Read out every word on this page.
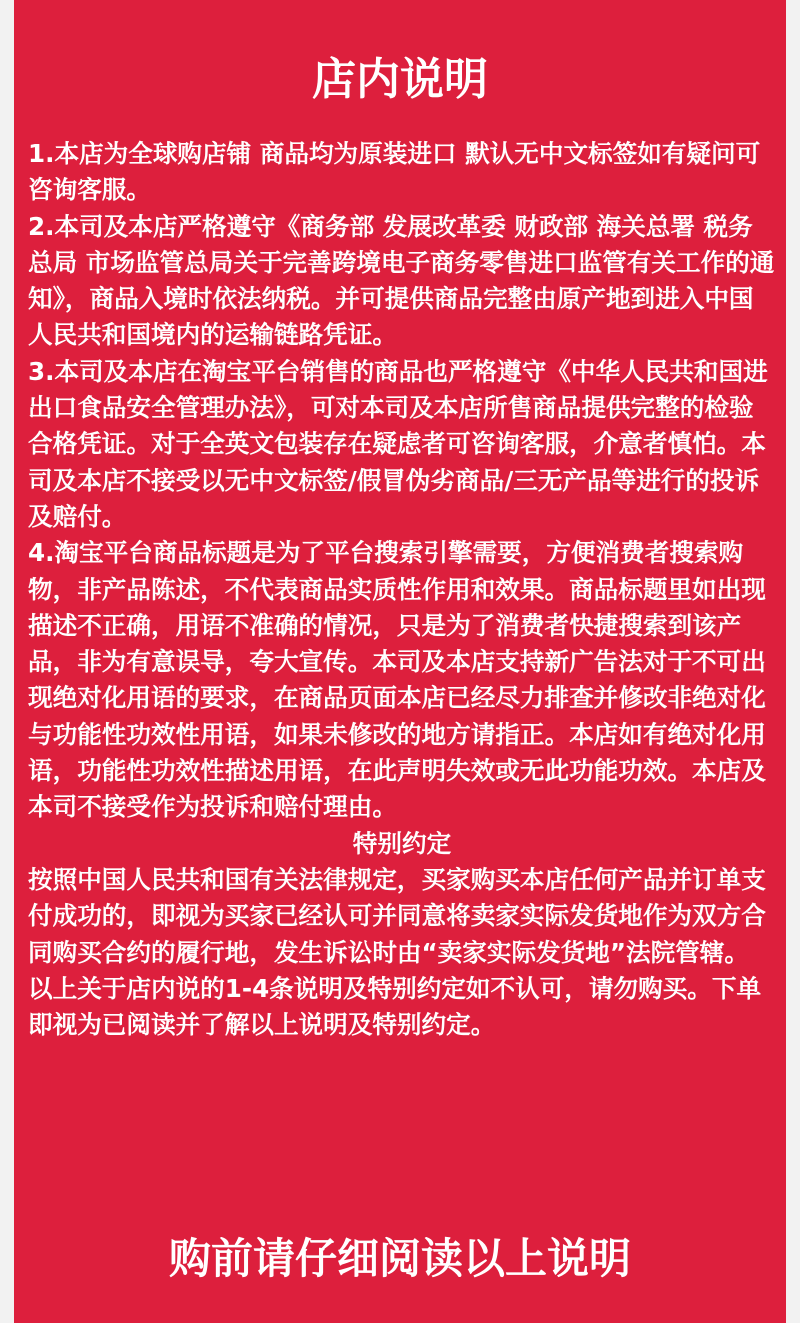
店内说明

1.本店为全球购店铺 商品均为原装进口 默认无中文标签如有疑问可咨询客服。

2.本司及本店严格遵守《商务部 发展改革委 财政部 海关总署 税务总局 市场监管总局关于完善跨境电子商务零售进口监管有关工作的通知》，商品入境时依法纳税。并可提供商品完整由原产地到进入中国人民共和国境内的运输链路凭证。

3.本司及本店在淘宝平台销售的商品也严格遵守《中华人民共和国进出口食品安全管理办法》，可对本司及本店所售商品提供完整的检验合格凭证。对于全英文包装存在疑虑者可咨询客服，介意者慎怕。本司及本店不接受以无中文标签/假冒伪劣商品/三无产品等进行的投诉及赔付。

4.淘宝平台商品标题是为了平台搜索引擎需要，方便消费者搜索购物，非产品陈述，不代表商品实质性作用和效果。商品标题里如出现描述不正确，用语不准确的情况，只是为了消费者快捷搜索到该产品，非为有意误导，夸大宣传。本司及本店支持新广告法对于不可出现绝对化用语的要求，在商品页面本店已经尽力排查并修改非绝对化与功能性功效性用语，如果未修改的地方请指正。本店如有绝对化用语，功能性功效性描述用语，在此声明失效或无此功能功效。本店及本司不接受作为投诉和赔付理由。

特别约定

按照中国人民共和国有关法律规定，买家购买本店任何产品并订单支付成功的，即视为买家已经认可并同意将卖家实际发货地作为双方合同购买合约的履行地，发生诉讼时由“卖家实际发货地”法院管辖。

以上关于店内说的1-4条说明及特别约定如不认可，请勿购买。下单即视为已阅读并了解以上说明及特别约定。

购前请仔细阅读以上说明
